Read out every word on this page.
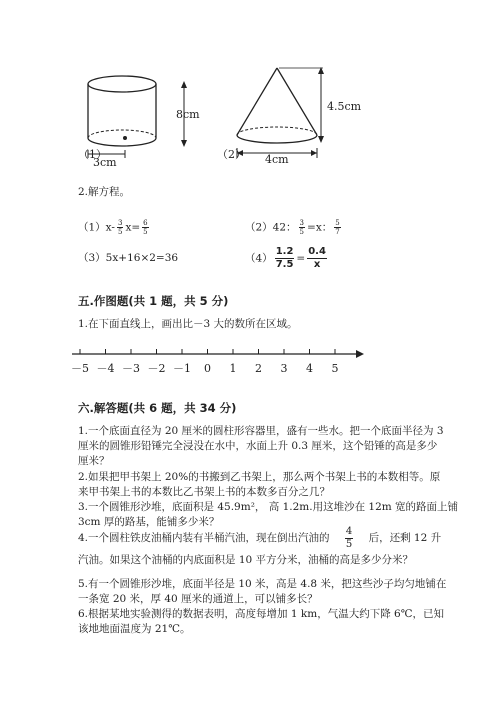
8cm
3cm
（1）
4.5cm
4cm
（2）
2.解方程。
$(1)x- \frac{3}{5} x= \frac{6}{5}$	（2）42： $\frac{3}{5} =x$： $\frac{5}{7}$
（3）5x+16×2=36	$(4) \frac{1.2}{7.5} = \frac{0.4}{x}$
五.作图题(共 1 题，共 5 分)
1.在下面直线上，画出比－3 大的数所在区域。
－5 －4 －3 －2 －1 0 1 2 3 4 5
六.解答题(共 6 题，共 34 分)
1.一个底面直径为 20 厘米的圆柱形容器里，盛有一些水。把一个底面半径为 3
厘米的圆锥形铅锤完全浸没在水中，水面上升 0.3 厘米，这个铅锤的高是多少
厘米？
2.如果把甲书架上 20%的书搬到乙书架上，那么两个书架上书的本数相等。原
来甲书架上书的本数比乙书架上书的本数多百分之几？
3.一个圆锥形沙堆，底面积是 45.9m²， 高 1.2m.用这堆沙在 12m 宽的路面上铺
3cm 厚的路基，能铺多少米？
4.一个圆柱铁皮油桶内装有半桶汽油，现在倒出汽油的 $\frac{4}{5}$ 后，还剩 12 升
汽油。如果这个油桶的内底面积是 10 平方分米，油桶的高是多少分米？
5.有一个圆锥形沙堆，底面半径是 10 米，高是 4.8 米，把这些沙子均匀地铺在
一条宽 20 米，厚 40 厘米的通道上，可以铺多长？
6.根据某地实验测得的数据表明，高度每增加 1 km，气温大约下降 6℃，已知
该地地面温度为 21℃。
